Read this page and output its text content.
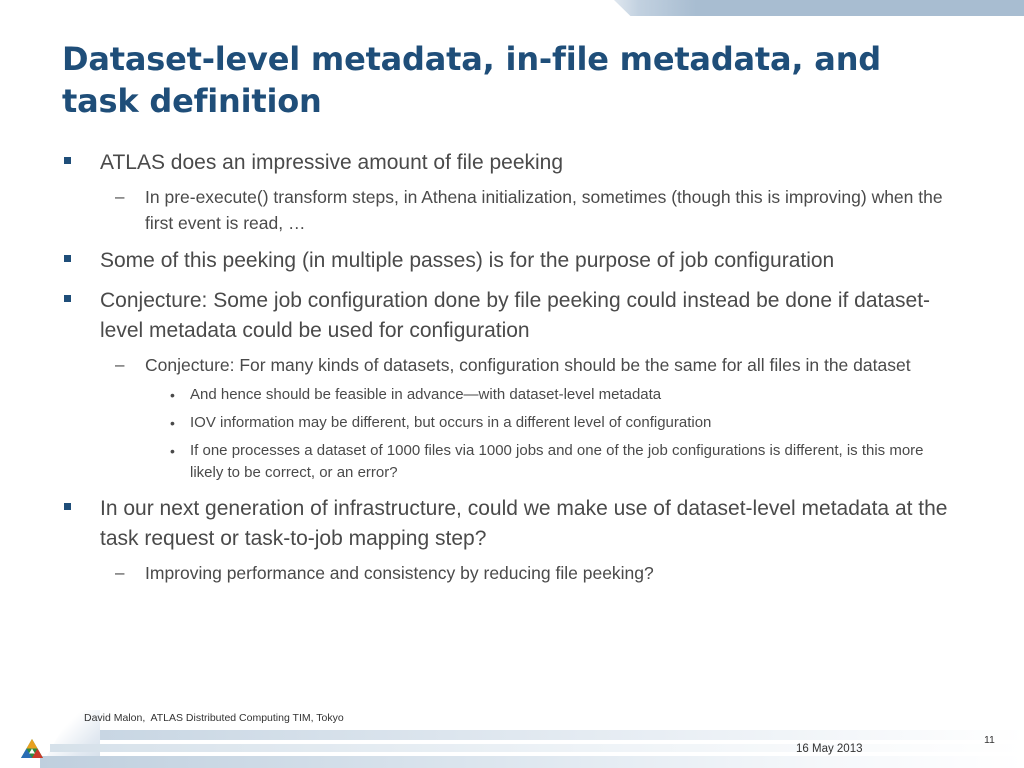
Dataset-level metadata, in-file metadata, and task definition
ATLAS does an impressive amount of file peeking
– In pre-execute() transform steps, in Athena initialization, sometimes (though this is improving) when the first event is read, …
Some of this peeking (in multiple passes) is for the purpose of job configuration
Conjecture: Some job configuration done by file peeking could instead be done if dataset-level metadata could be used for configuration
– Conjecture: For many kinds of datasets, configuration should be the same for all files in the dataset
• And hence should be feasible in advance—with dataset-level metadata
• IOV information may be different, but occurs in a different level of configuration
• If one processes a dataset of 1000 files via 1000 jobs and one of the job configurations is different, is this more likely to be correct, or an error?
In our next generation of infrastructure, could we make use of dataset-level metadata at the task request or task-to-job mapping step?
– Improving performance and consistency by reducing file peeking?
David Malon,  ATLAS Distributed Computing TIM, Tokyo
16 May 2013
11
